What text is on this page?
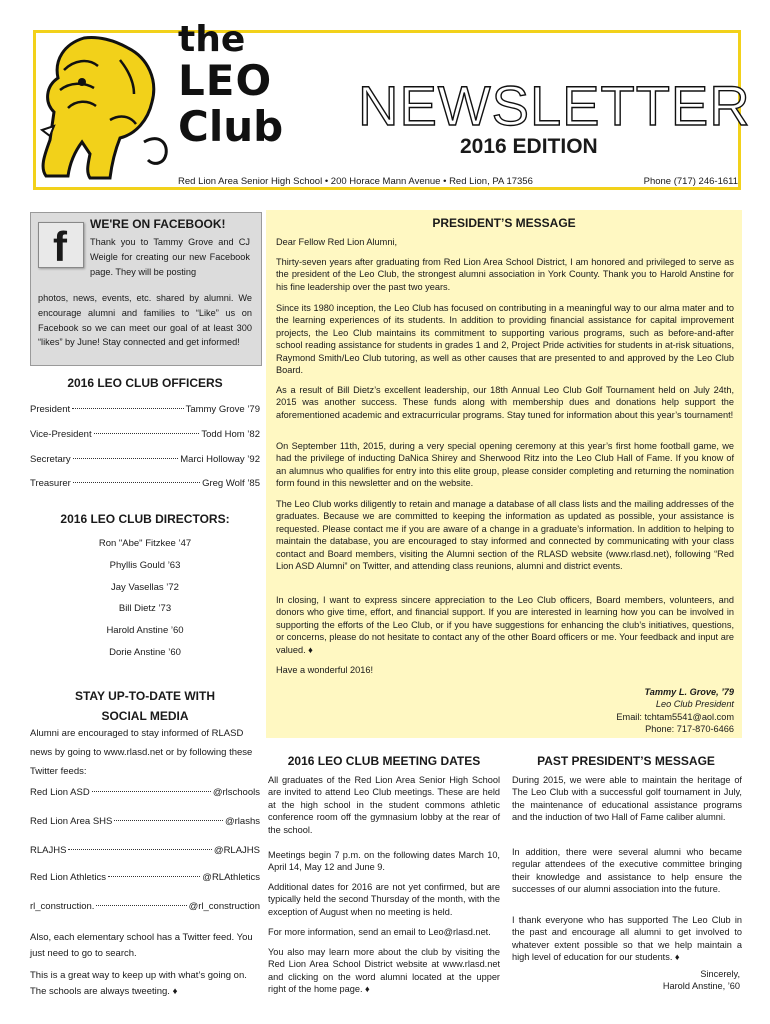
the
LEO
Club NEWSLETTER
2016 EDITION
Red Lion Area Senior High School • 200 Horace Mann Avenue • Red Lion, PA 17356	Phone (717) 246-1611
f WE'RE ON FACEBOOK!
Thank you to Tammy Grove and CJ Weigle for creating our new Facebook page. They will be posting
photos, news, events, etc. shared by alumni. We encourage alumni and families to “Like” us on Facebook so we can meet our goal of at least 300 “likes” by June! Stay connected and get informed!
2016 LEO CLUB OFFICERS
President	Tammy Grove ’79
Vice-President	Todd Hom ’82
Secretary	Marci Holloway ’92
Treasurer	Greg Wolf ’85
2016 LEO CLUB DIRECTORS:
Ron "Abe" Fitzkee ’47
Phyllis Gould ’63
Jay Vasellas ’72
Bill Dietz ’73
Harold Anstine ’60
Dorie Anstine ’60
STAY UP-TO-DATE WITH
SOCIAL MEDIA
Alumni are encouraged to stay informed of RLASD news by going to www.rlasd.net or by following these Twitter feeds:
Red Lion ASD	@rlschools
Red Lion Area SHS	@rlashs
RLAJHS	@RLAJHS
Red Lion Athletics	@RLAthletics
rl_construction.	@rl_construction
Also, each elementary school has a Twitter feed. You just need to go to search.
This is a great way to keep up with what’s going on. The schools are always tweeting. ♦
PRESIDENT’S MESSAGE
Dear Fellow Red Lion Alumni,
Thirty-seven years after graduating from Red Lion Area School District, I am honored and privileged to serve as the president of the Leo Club, the strongest alumni association in York County. Thank you to Harold Anstine for his fine leadership over the past two years.
Since its 1980 inception, the Leo Club has focused on contributing in a meaningful way to our alma mater and to the learning experiences of its students. In addition to providing financial assistance for capital improvement projects, the Leo Club maintains its commitment to supporting various programs, such as before-and-after school reading assistance for students in grades 1 and 2, Project Pride activities for students in at-risk situations, Raymond Smith/Leo Club tutoring, as well as other causes that are presented to and approved by the Leo Club Board.
As a result of Bill Dietz’s excellent leadership, our 18th Annual Leo Club Golf Tournament held on July 24th, 2015 was another success. These funds along with membership dues and donations help support the aforementioned academic and extracurricular programs. Stay tuned for information about this year’s tournament!
On September 11th, 2015, during a very special opening ceremony at this year’s first home football game, we had the privilege of inducting DaNica Shirey and Sherwood Ritz into the Leo Club Hall of Fame. If you know of an alumnus who qualifies for entry into this elite group, please consider completing and returning the nomination form found in this newsletter and on the website.
The Leo Club works diligently to retain and manage a database of all class lists and the mailing addresses of the graduates. Because we are committed to keeping the information as updated as possible, your assistance is requested. Please contact me if you are aware of a change in a graduate’s information. In addition to helping to maintain the database, you are encouraged to stay informed and connected by communicating with your class contact and Board members, visiting the Alumni section of the RLASD website (www.rlasd.net), following “Red Lion ASD Alumni” on Twitter, and attending class reunions, alumni and district events.
In closing, I want to express sincere appreciation to the Leo Club officers, Board members, volunteers, and donors who give time, effort, and financial support. If you are interested in learning how you can be involved in supporting the efforts of the Leo Club, or if you have suggestions for enhancing the club’s initiatives, questions, or concerns, please do not hesitate to contact any of the other Board officers or me. Your feedback and input are valued. ♦
Have a wonderful 2016!
Tammy L. Grove, ’79
Leo Club President
Email: tchtam5541@aol.com
Phone: 717-870-6466
2016 LEO CLUB MEETING DATES
All graduates of the Red Lion Area Senior High School are invited to attend Leo Club meetings. These are held at the high school in the student commons athletic conference room off the gymnasium lobby at the rear of the school.
Meetings begin 7 p.m. on the following dates March 10, April 14, May 12 and June 9.
Additional dates for 2016 are not yet confirmed, but are typically held the second Thursday of the month, with the exception of August when no meeting is held.
For more information, send an email to Leo@rlasd.net.
You also may learn more about the club by visiting the Red Lion Area School District website at www.rlasd.net and clicking on the word alumni located at the upper right of the home page. ♦
PAST PRESIDENT’S MESSAGE
During 2015, we were able to maintain the heritage of The Leo Club with a successful golf tournament in July, the maintenance of educational assistance programs and the induction of two Hall of Fame caliber alumni.
In addition, there were several alumni who became regular attendees of the executive committee bringing their knowledge and assistance to help ensure the successes of our alumni association into the future.
I thank everyone who has supported The Leo Club in the past and encourage all alumni to get involved to whatever extent possible so that we help maintain a high level of education for our students. ♦
Sincerely,
Harold Anstine, ’60
